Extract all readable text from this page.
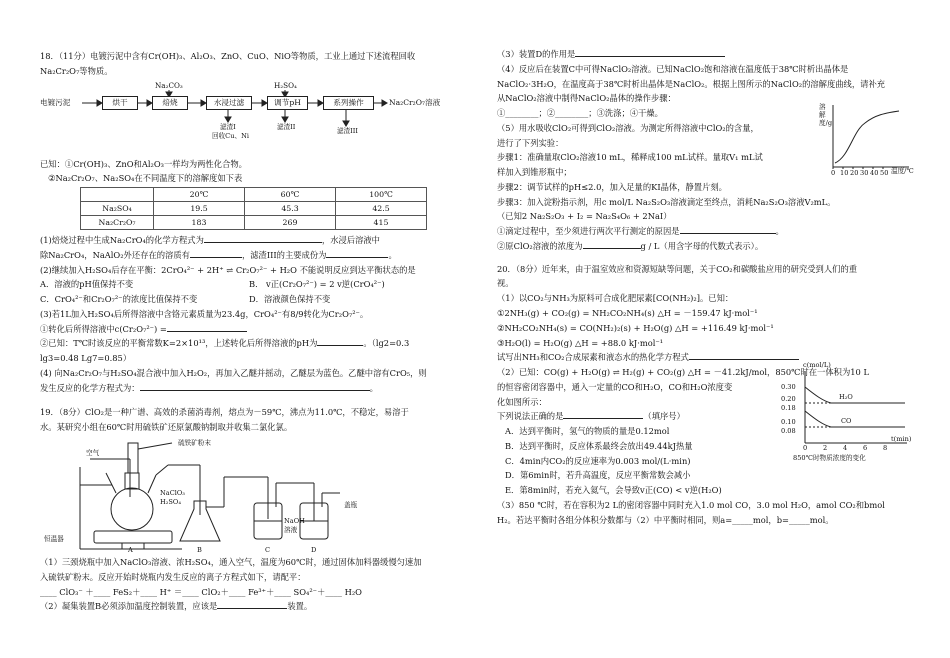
18．（11分）电镀污泥中含有Cr(OH)₃、Al₂O₃、ZnO、CuO、NiO等物质，工业上通过下述流程回收

Na₂Cr₂O₇等物质。

电镀污泥	烘干	焙烧	水浸过滤	调节pH	系列操作	Na₂Cr₂O₇溶液
Na₂CO₃	H₂SO₄
滤渣I
回收Cu、Ni
滤渣II	滤渣III

已知：①Cr(OH)₃、ZnO和Al₂O₃一样均为两性化合物。

②Na₂Cr₂O₇、Na₂SO₄在不同温度下的溶解度如下表

	20℃	60℃	100℃
Na₂SO₄	19.5	45.3	42.5
Na₂Cr₂O₇	183	269	415

(1)焙烧过程中生成Na₂CrO₄的化学方程式为	，水浸后溶液中

除Na₂CrO₄，NaAlO₂外还存在的溶质有	，滤渣III的主要成份为	。

(2)继续加入H₂SO₄后存在平衡：2CrO₄²⁻ + 2H⁺ ⇌ Cr₂O₇²⁻ + H₂O 不能说明反应到达平衡状态的是

A．溶液的pH值保持不变	B． v正(Cr₂O₇²⁻) = 2 v逆(CrO₄²⁻)

C．CrO₄²⁻和Cr₂O₇²⁻的浓度比值保持不变	D．溶液颜色保持不变

(3)若1L加入H₂SO₄后所得溶液中含铬元素质量为23.4g，CrO₄²⁻有8/9转化为Cr₂O₇²⁻。

①转化后所得溶液中c(Cr₂O₇²⁻) =

②已知：T℃时该反应的平衡常数K=2×10¹³，上述转化后所得溶液的pH为	。（lg2=0.3

lg3=0.48 Lg7=0.85）

(4) 向Na₂Cr₂O₇与H₂SO₄混合液中加入H₂O₂，再加入乙醚并摇动，乙醚层为蓝色。乙醚中溶有CrO₅，则

发生反应的化学方程式为：	。

19．（8分）ClO₂是一种广谱、高效的杀菌消毒剂，熔点为－59℃，沸点为11.0℃，不稳定，易溶于

水。某研究小组在60℃时用硫铁矿还原氯酸钠制取并收集二氯化氯。

硫铁矿粉末
空气
NaClO₃
H₂SO₄
恒温器
NaOH
溶液
盖瓶
A	B	C	D

（1）三颈烧瓶中加入NaClO₃溶液、浓H₂SO₄，通入空气，温度为60℃时，通过固体加料器缓慢匀速加

入硫铁矿粉末。反应开始时烧瓶内发生反应的离子方程式如下，请配平：

____ ClO₃⁻ ＋____ FeS₂＋____ H⁺ ＝____ ClO₂＋____ Fe³⁺＋____ SO₄²⁻＋____ H₂O

（2）凝集装置B必须添加温度控制装置，应该是	装置。

（3）装置D的作用是

（4）反应后在装置C中可得NaClO₂溶液。已知NaClO₂饱和溶液在温度低于38℃时析出晶体是

NaClO₂·3H₂O，在温度高于38℃时析出晶体是NaClO₂。根据上图所示的NaClO₂的溶解度曲线，请补充

从NaClO₂溶液中制得NaClO₂晶体的操作步骤：

①________；②________；③洗涤；④干燥。

（5）用水吸收ClO₂可得到ClO₂溶液。为测定所得溶液中ClO₂的含量，

进行了下列实验：

步骤1：准确量取ClO₂溶液10 mL，稀释成100 mL试样。量取V₁ mL试

样加入到锥形瓶中；

步骤2：调节试样的pH≤2.0，加入足量的KI晶体，静置片刻。

步骤3：加入淀粉指示剂，用c mol/L Na₂S₂O₃溶液滴定至终点，消耗Na₂S₂O₃溶液V₂mL。

（已知2 Na₂S₂O₃ + I₂ = Na₂S₄O₆ + 2NaI）

①滴定过程中，至少须进行两次平行测定的原因是	。

②原ClO₂溶液的浓度为	g / L（用含字母的代数式表示）。

溶解度/g
温度/℃
0 10 20 30 40 50

20．（8分）近年来，由于温室效应和资源短缺等问题，关于CO₂和碳酸盐应用的研究受到人们的重

视。

（1）以CO₂与NH₃为原料可合成化肥尿素[CO(NH₂)₂]。已知：

①2NH₃(g) + CO₂(g) = NH₂CO₂NH₄(s) △H = －159.47 kJ·mol⁻¹

②NH₂CO₂NH₄(s) = CO(NH₂)₂(s) + H₂O(g) △H = +116.49 kJ·mol⁻¹

③H₂O(l) = H₂O(g) △H = +88.0 kJ·mol⁻¹

试写出NH₃和CO₂合成尿素和液态水的热化学方程式

（2）已知：CO(g) + H₂O(g) ⇌ H₂(g) + CO₂(g) △H = －41.2kJ/mol，850℃时在一体积为10 L

的恒容密闭容器中，通入一定量的CO和H₂O，CO和H₂O浓度变

化如图所示：

下列说法正确的是	（填序号）

A．达到平衡时，氢气的物质的量是0.12mol

B．达到平衡时，反应体系最终会放出49.44kJ热量

C．4min内CO₂的反应速率为0.003 mol/(L·min)

D．第6min时，若升高温度，反应平衡常数会减小

E．第8min时，若充入氦气，会导致v正(CO) < v逆(H₂O)

（3）850 ℃时，若在容积为2 L的密闭容器中同时充入1.0 mol CO，3.0 mol H₂O，amol CO₂和bmol

H₂。若达平衡时各组分体积分数都与（2）中平衡时相同，则a=_____mol，b=_____mol。

c(mol/L)
0.30
0.20
0.18
0.10
0.08
H₂O
CO
0 2 4 6 8
t(min)
850℃时物质浓度的变化
